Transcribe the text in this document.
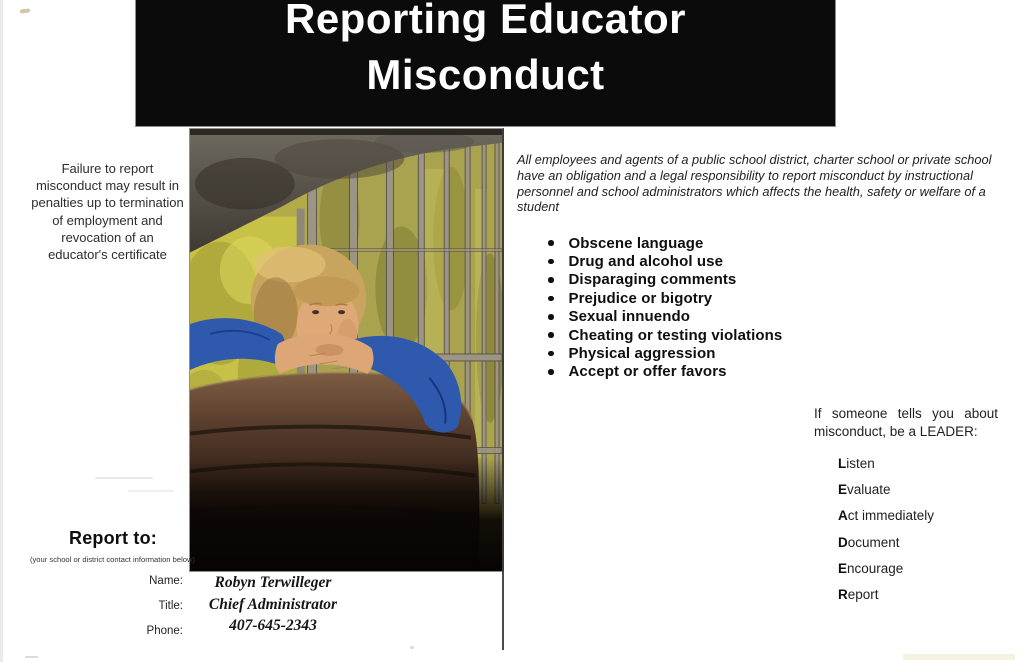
Reporting Educator
Misconduct
Failure to report misconduct may result in penalties up to termination of employment and revocation of an educator's certificate
All employees and agents of a public school district, charter school or private school have an obligation and a legal responsibility to report misconduct by instructional personnel and school administrators which affects the health, safety or welfare of a student
Obscene language
Drug and alcohol use
Disparaging comments
Prejudice or bigotry
Sexual innuendo
Cheating or testing violations
Physical aggression
Accept or offer favors
If someone tells you about
misconduct, be a LEADER:
Listen
Evaluate
Act immediately
Document
Encourage
Report
Report to:
(your school or district contact information below)
Name:
Title:
Phone:
Robyn Terwilleger
Chief Administrator
407-645-2343
